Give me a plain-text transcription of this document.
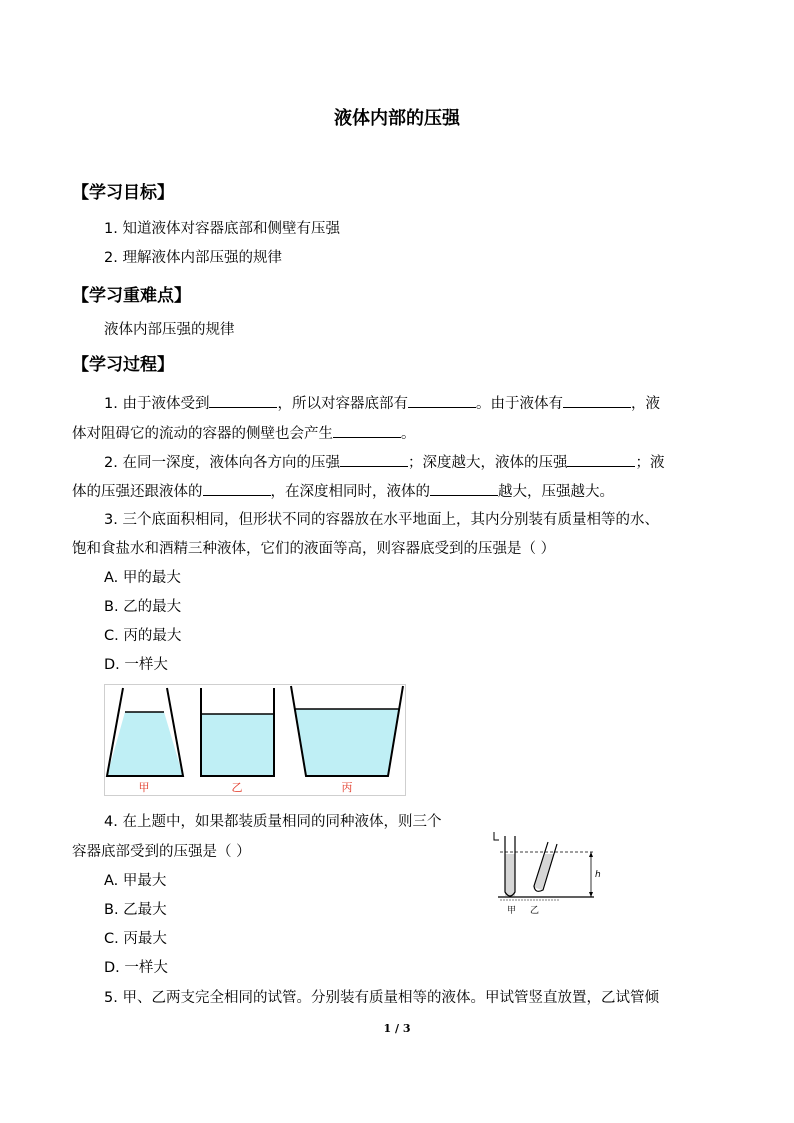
液体内部的压强
【学习目标】
1. 知道液体对容器底部和侧壁有压强
2. 理解液体内部压强的规律
【学习重难点】
液体内部压强的规律
【学习过程】
1. 由于液体受到	，所以对容器底部有	。由于液体有	，液
体对阻碍它的流动的容器的侧壁也会产生	。
2. 在同一深度，液体向各方向的压强	；深度越大，液体的压强	；液
体的压强还跟液体的	，在深度相同时，液体的	越大，压强越大。
3. 三个底面积相同，但形状不同的容器放在水平地面上，其内分别装有质量相等的水、
饱和食盐水和酒精三种液体，它们的液面等高，则容器底受到的压强是（ ）
A. 甲的最大
B. 乙的最大
C. 丙的最大
D. 一样大
甲	乙	丙
4. 在上题中，如果都装质量相同的同种液体，则三个
容器底部受到的压强是（ ）
A. 甲最大
B. 乙最大
C. 丙最大
D. 一样大
h
甲 乙
5. 甲、乙两支完全相同的试管。分别装有质量相等的液体。甲试管竖直放置，乙试管倾
1 / 3
